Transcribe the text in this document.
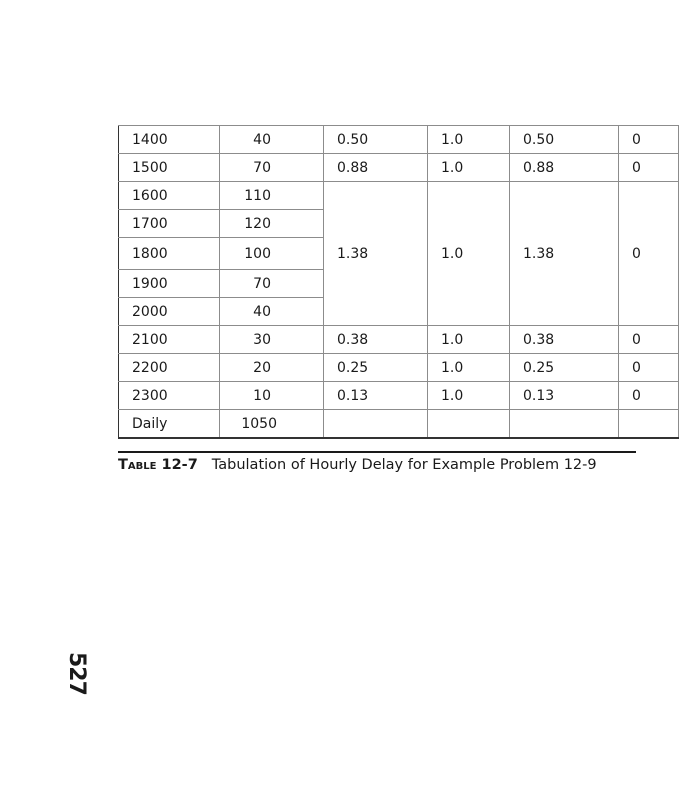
1400	40	0.50	1.0	0.50	0
1500	70	0.88	1.0	0.88	0
1600	110	1.38	1.0	1.38	0
1700	120				
1800	100				
1900	70				
2000	40				
2100	30	0.38	1.0	0.38	0
2200	20	0.25	1.0	0.25	0
2300	10	0.13	1.0	0.13	0
Daily	1050				
Table 12-7 Tabulation of Hourly Delay for Example Problem 12-9
527
